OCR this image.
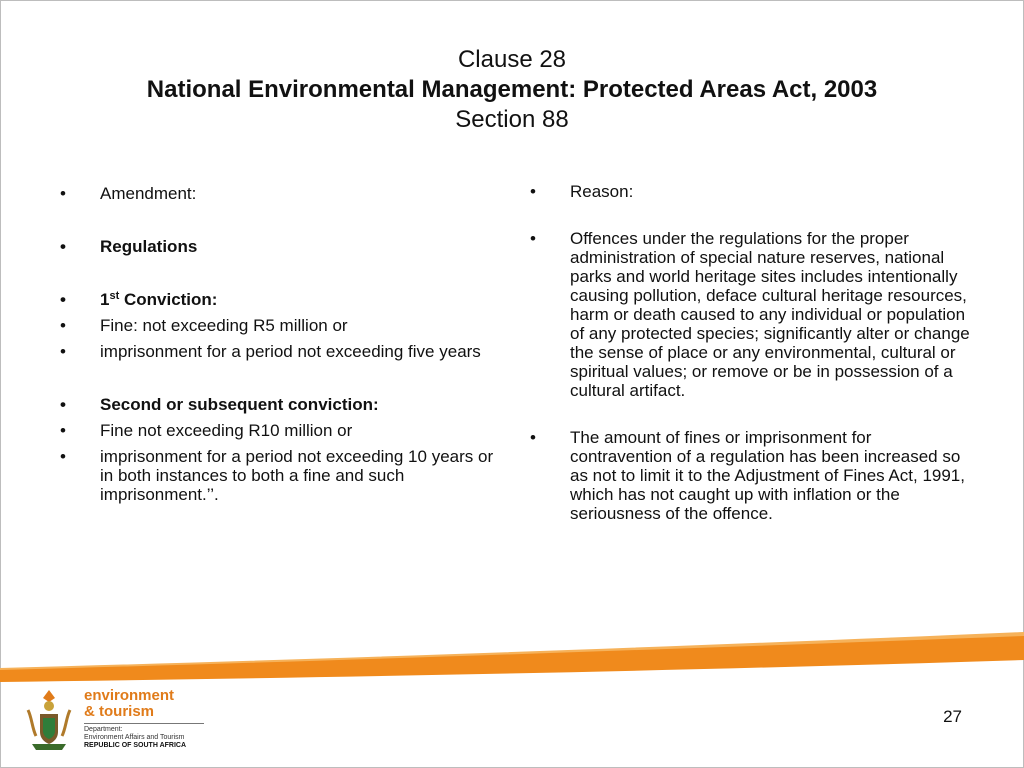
Clause 28
National Environmental Management: Protected Areas Act, 2003
Section 88
•	Amendment:
•	Regulations
•	1st Conviction:
•	Fine: not exceeding R5 million or
•	imprisonment for a period not exceeding five years
•	Second or subsequent conviction:
•	Fine not exceeding R10 million or
•	imprisonment for a period not exceeding 10 years or in both instances to both a fine and such imprisonment.’’.
•	Reason:
•	Offences under the regulations for the proper administration of special nature reserves, national parks and world heritage sites includes intentionally causing pollution, deface cultural heritage resources, harm or death caused to any individual or population of any protected species; significantly alter or change the sense of place or any environmental, cultural or spiritual values; or remove or be in possession of a cultural artifact.
•	The amount of fines or imprisonment for contravention of a regulation has been increased so as not to limit it to the Adjustment of Fines Act, 1991, which has not caught up with inflation or the seriousness of the offence.
environment
& tourism
Department:
Environment Affairs and Tourism
REPUBLIC OF SOUTH AFRICA
27
